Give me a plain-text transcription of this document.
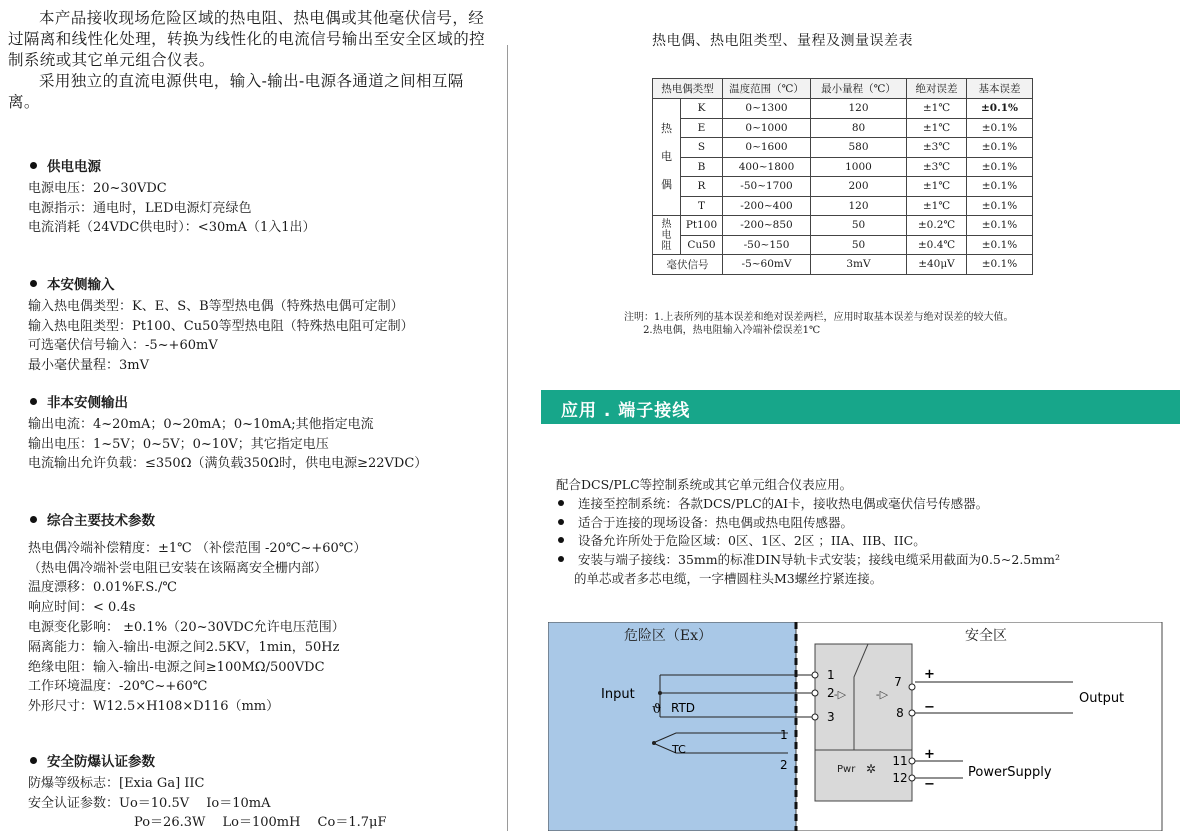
本产品接收现场危险区域的热电阻、热电偶或其他毫伏信号，经过隔离和线性化处理，转换为线性化的电流信号输出至安全区域的控制系统或其它单元组合仪表。

采用独立的直流电源供电，输入-输出-电源各通道之间相互隔离。

供电电源
电源电压：20~30VDC
电源指示：通电时，LED电源灯亮绿色
电流消耗（24VDC供电时）：<30mA（1入1出）
本安侧输入
输入热电偶类型：K、E、S、B等型热电偶（特殊热电偶可定制）
输入热电阻类型：Pt100、Cu50等型热电阻（特殊热电阻可定制）
可选毫伏信号输入：-5~+60mV
最小毫伏量程：3mV
非本安侧输出
输出电流：4~20mA；0~20mA；0~10mA;其他指定电流
输出电压：1~5V；0~5V；0~10V；其它指定电压
电流输出允许负载：≤350Ω（满负载350Ω时，供电电源≥22VDC）
综合主要技术参数
热电偶冷端补偿精度：±1℃ （补偿范围 -20℃~+60℃）
（热电偶冷端补尝电阻已安装在该隔离安全栅内部）
温度漂移：0.01%F.S./℃
响应时间：< 0.4s
电源变化影响： ±0.1%（20~30VDC允许电压范围）
隔离能力：输入-输出-电源之间2.5KV，1min，50Hz
绝缘电阻：输入-输出-电源之间≥100MΩ/500VDC
工作环境温度：-20℃~+60℃
外形尺寸：W12.5×H108×D116（mm）
安全防爆认证参数
防爆等级标志：[Exia Ga] IIC
安全认证参数：Uo＝10.5V　 Io＝10mA
Po＝26.3W　 Lo＝100mH　 Co＝1.7μF
热电偶、热电阻类型、量程及测量误差表
热电偶类型		温度范围（℃）	最小量程（℃）	绝对误差	基本误差
热
电
偶	K	0~1300	120	±1℃	±0.1%
	E	0~1000	80	±1℃	±0.1%
	S	0~1600	580	±3℃	±0.1%
	B	400~1800	1000	±3℃	±0.1%
	R	-50~1700	200	±1℃	±0.1%
	T	-200~400	120	±1℃	±0.1%
热
电
阻	Pt100	-200~850	50	±0.2℃	±0.1%
	Cu50	-50~150	50	±0.4℃	±0.1%
毫伏信号		-5~60mV	3mV	±40μV	±0.1%
注明：1.上表所列的基本误差和绝对误差两栏，应用时取基本误差与绝对误差的较大值。
2.热电偶，热电阻输入冷端补偿误差1℃
应用 . 端子接线
配合DCS/PLC等控制系统或其它单元组合仪表应用。
连接至控制系统：各款DCS/PLC的AI卡，接收热电偶或毫伏信号传感器。
适合于连接的现场设备：热电偶或热电阻传感器。
设备允许所处于危险区域：0区、1区、2区 ；IIA、IIB、IIC。
安装与端子接线：35mm的标准DIN导轨卡式安装；接线电缆采用截面为0.5~2.5mm²
的单芯或者多芯电缆，一字槽圆柱头M3螺丝拧紧连接。
危险区（Ex）	安全区
-▷	-▷
Pwr ✲
1
2
3
ϑ
Input
RTD
TC
1
2
7
8
11
12
+
−
+
−
Output
PowerSupply
